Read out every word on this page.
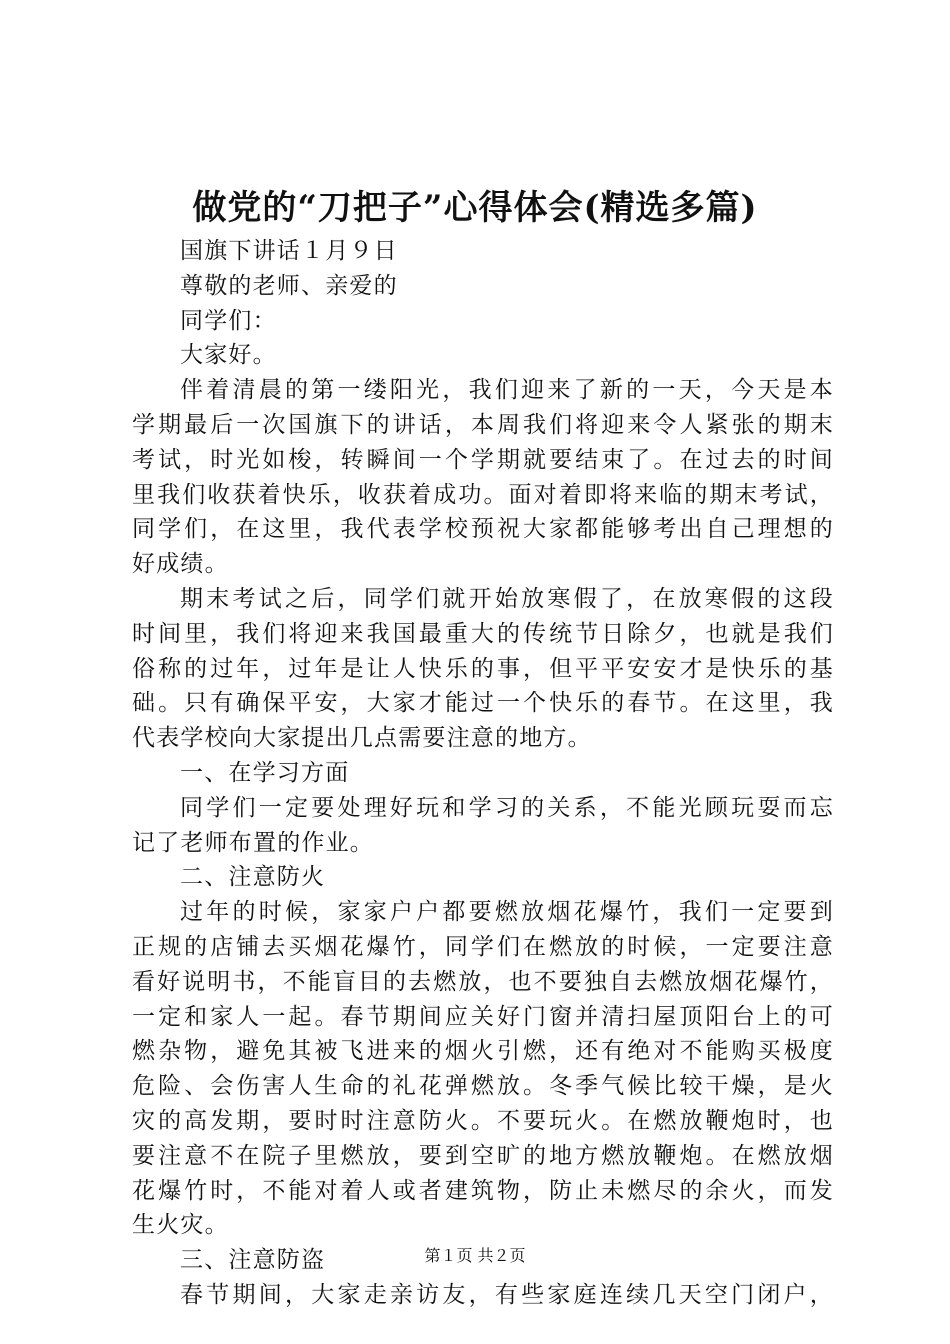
做党的“刀把子”心得体会(精选多篇)
国旗下讲话１月９日
尊敬的老师、亲爱的
同学们：
大家好。
伴着清晨的第一缕阳光，我们迎来了新的一天，今天是本
学期最后一次国旗下的讲话，本周我们将迎来令人紧张的期末
考试，时光如梭，转瞬间一个学期就要结束了。在过去的时间
里我们收获着快乐，收获着成功。面对着即将来临的期末考试，
同学们，在这里，我代表学校预祝大家都能够考出自己理想的
好成绩。
期末考试之后，同学们就开始放寒假了，在放寒假的这段
时间里，我们将迎来我国最重大的传统节日除夕，也就是我们
俗称的过年，过年是让人快乐的事，但平平安安才是快乐的基
础。只有确保平安，大家才能过一个快乐的春节。在这里，我
代表学校向大家提出几点需要注意的地方。
一、在学习方面
同学们一定要处理好玩和学习的关系，不能光顾玩耍而忘
记了老师布置的作业。
二、注意防火
过年的时候，家家户户都要燃放烟花爆竹，我们一定要到
正规的店铺去买烟花爆竹，同学们在燃放的时候，一定要注意
看好说明书，不能盲目的去燃放，也不要独自去燃放烟花爆竹，
一定和家人一起。春节期间应关好门窗并清扫屋顶阳台上的可
燃杂物，避免其被飞进来的烟火引燃，还有绝对不能购买极度
危险、会伤害人生命的礼花弹燃放。冬季气候比较干燥，是火
灾的高发期，要时时注意防火。不要玩火。在燃放鞭炮时，也
要注意不在院子里燃放，要到空旷的地方燃放鞭炮。在燃放烟
花爆竹时，不能对着人或者建筑物，防止未燃尽的余火，而发
生火灾。
三、注意防盗
春节期间，大家走亲访友，有些家庭连续几天空门闭户，
第１页 共２页
